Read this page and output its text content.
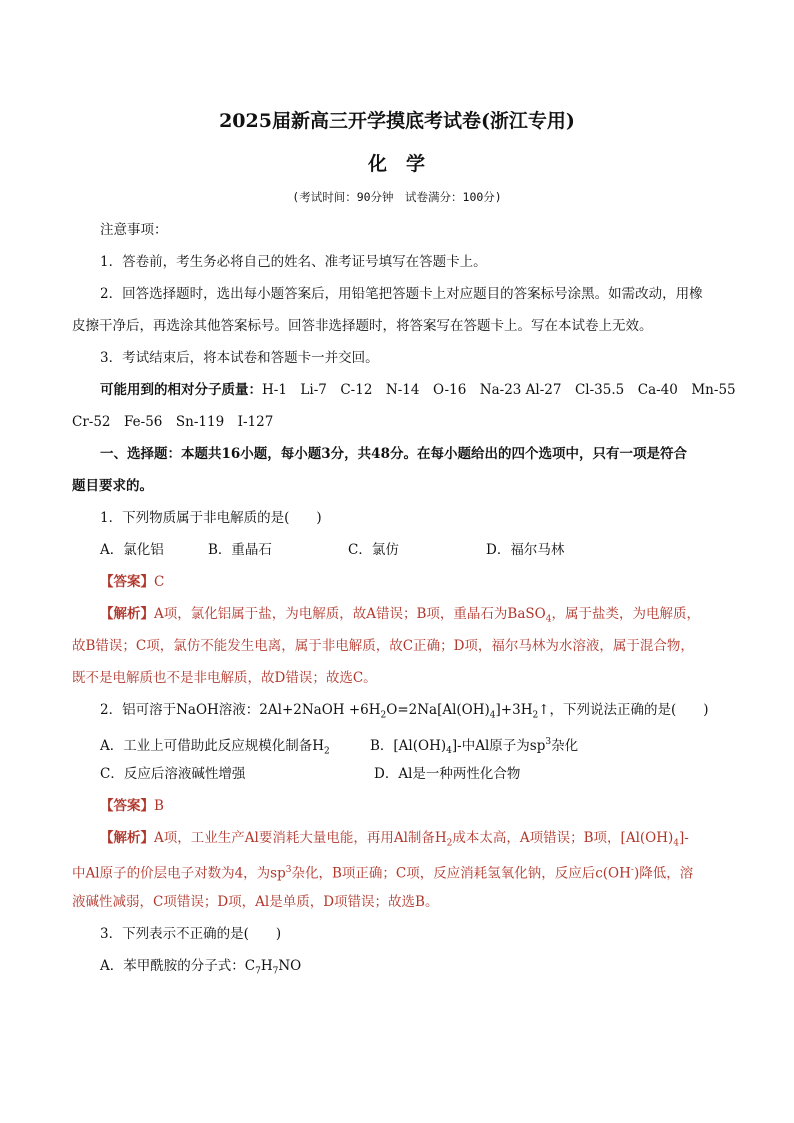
2025届新高三开学摸底考试卷(浙江专用)
化 学
(考试时间：90分钟　试卷满分：100分)
注意事项：
1．答卷前，考生务必将自己的姓名、准考证号填写在答题卡上。
2．回答选择题时，选出每小题答案后，用铅笔把答题卡上对应题目的答案标号涂黑。如需改动，用橡
皮擦干净后，再选涂其他答案标号。回答非选择题时，将答案写在答题卡上。写在本试卷上无效。
3．考试结束后，将本试卷和答题卡一并交回。
可能用到的相对分子质量：H-1　Li-7　C-12　N-14　O-16　Na-23 Al-27　Cl-35.5　Ca-40　Mn-55
Cr-52　Fe-56　Sn-119　I-127
一、选择题：本题共16小题，每小题3分，共48分。在每小题给出的四个选项中，只有一项是符合
题目要求的。
1．下列物质属于非电解质的是(　　)
A．氯化铝	B．重晶石	C．氯仿	D．福尔马林
【答案】C
【解析】A项，氯化铝属于盐，为电解质，故A错误；B项，重晶石为BaSO$_4$，属于盐类，为电解质，
故B错误；C项，氯仿不能发生电离，属于非电解质，故C正确；D项，福尔马林为水溶液，属于混合物，
既不是电解质也不是非电解质，故D错误；故选C。
2．铝可溶于NaOH溶液：2Al+2NaOH $+6H_2O=2Na[Al(OH)_4]+3H_2↑$，下列说法正确的是(　　)
A．工业上可借助此反应规模化制备$H_2$	B．$[Al(OH)_4]-$中Al原子为$sp^3$杂化
C．反应后溶液碱性增强	D．Al是一种两性化合物
【答案】B
【解析】A项，工业生产Al要消耗大量电能，再用Al制备$H_2$成本太高，A项错误；B项，$[Al(OH)_4]-$
中Al原子的价层电子对数为4，为$sp^3$杂化，B项正确；C项，反应消耗氢氧化钠，反应后c(OH-)降低，溶
液碱性减弱，C项错误；D项，Al是单质，D项错误；故选B。
3．下列表示不正确的是(　　)
A．苯甲酰胺的分子式：$C_7H_7NO$
